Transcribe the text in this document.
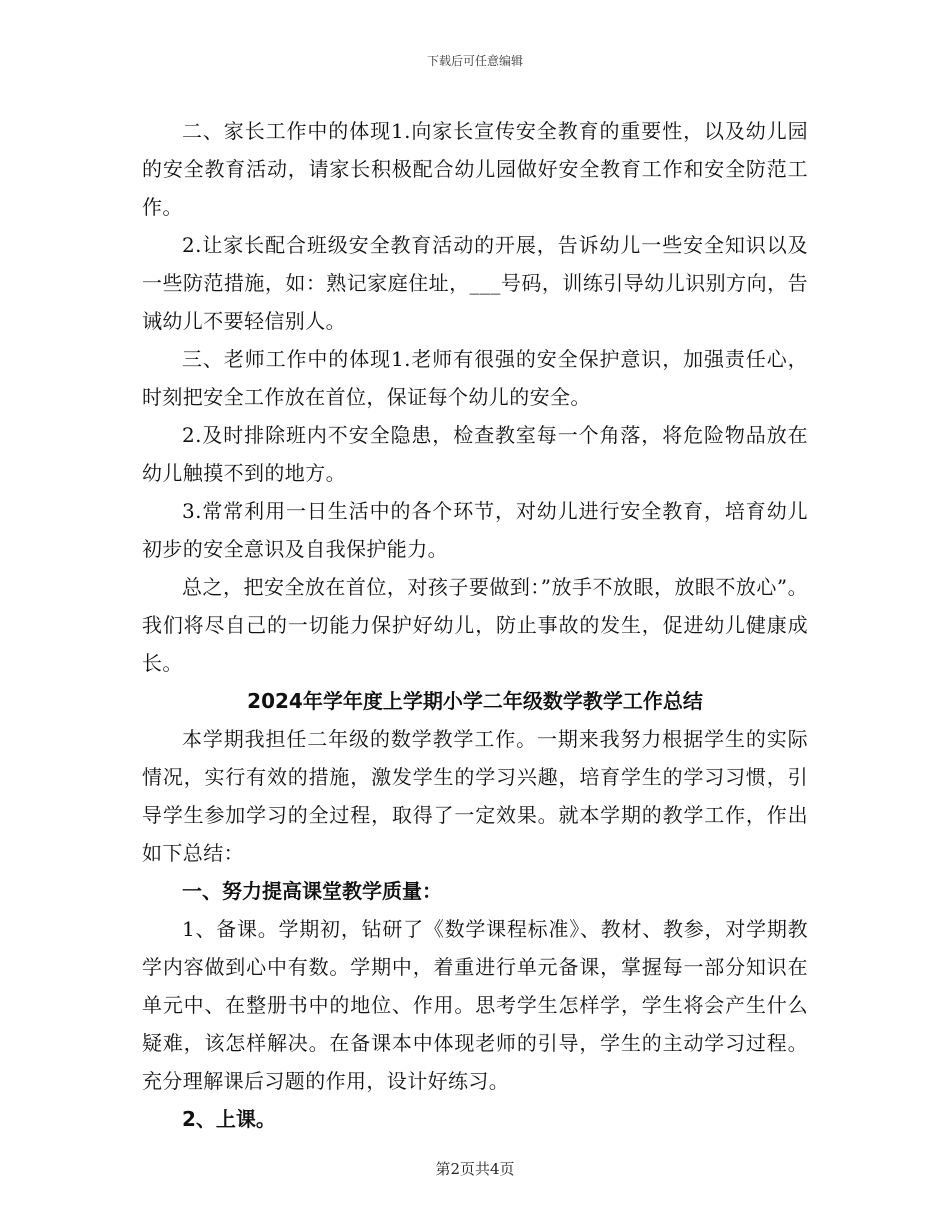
下载后可任意编辑

二、家长工作中的体现1.向家长宣传安全教育的重要性，以及幼儿园的安全教育活动，请家长积极配合幼儿园做好安全教育工作和安全防范工作。

2.让家长配合班级安全教育活动的开展，告诉幼儿一些安全知识以及一些防范措施，如：熟记家庭住址，___号码，训练引导幼儿识别方向，告诫幼儿不要轻信别人。

三、老师工作中的体现1.老师有很强的安全保护意识，加强责任心，时刻把安全工作放在首位，保证每个幼儿的安全。

2.及时排除班内不安全隐患，检查教室每一个角落，将危险物品放在幼儿触摸不到的地方。

3.常常利用一日生活中的各个环节，对幼儿进行安全教育，培育幼儿初步的安全意识及自我保护能力。

总之，把安全放在首位，对孩子要做到：”放手不放眼，放眼不放心”。我们将尽自己的一切能力保护好幼儿，防止事故的发生，促进幼儿健康成长。

2024年学年度上学期小学二年级数学教学工作总结

本学期我担任二年级的数学教学工作。一期来我努力根据学生的实际情况，实行有效的措施，激发学生的学习兴趣，培育学生的学习习惯，引导学生参加学习的全过程，取得了一定效果。就本学期的教学工作，作出如下总结：

一、努力提高课堂教学质量：

1、备课。学期初，钻研了《数学课程标准》、教材、教参，对学期教学内容做到心中有数。学期中，着重进行单元备课，掌握每一部分知识在单元中、在整册书中的地位、作用。思考学生怎样学，学生将会产生什么疑难，该怎样解决。在备课本中体现老师的引导，学生的主动学习过程。充分理解课后习题的作用，设计好练习。

2、上课。

第2页共4页
